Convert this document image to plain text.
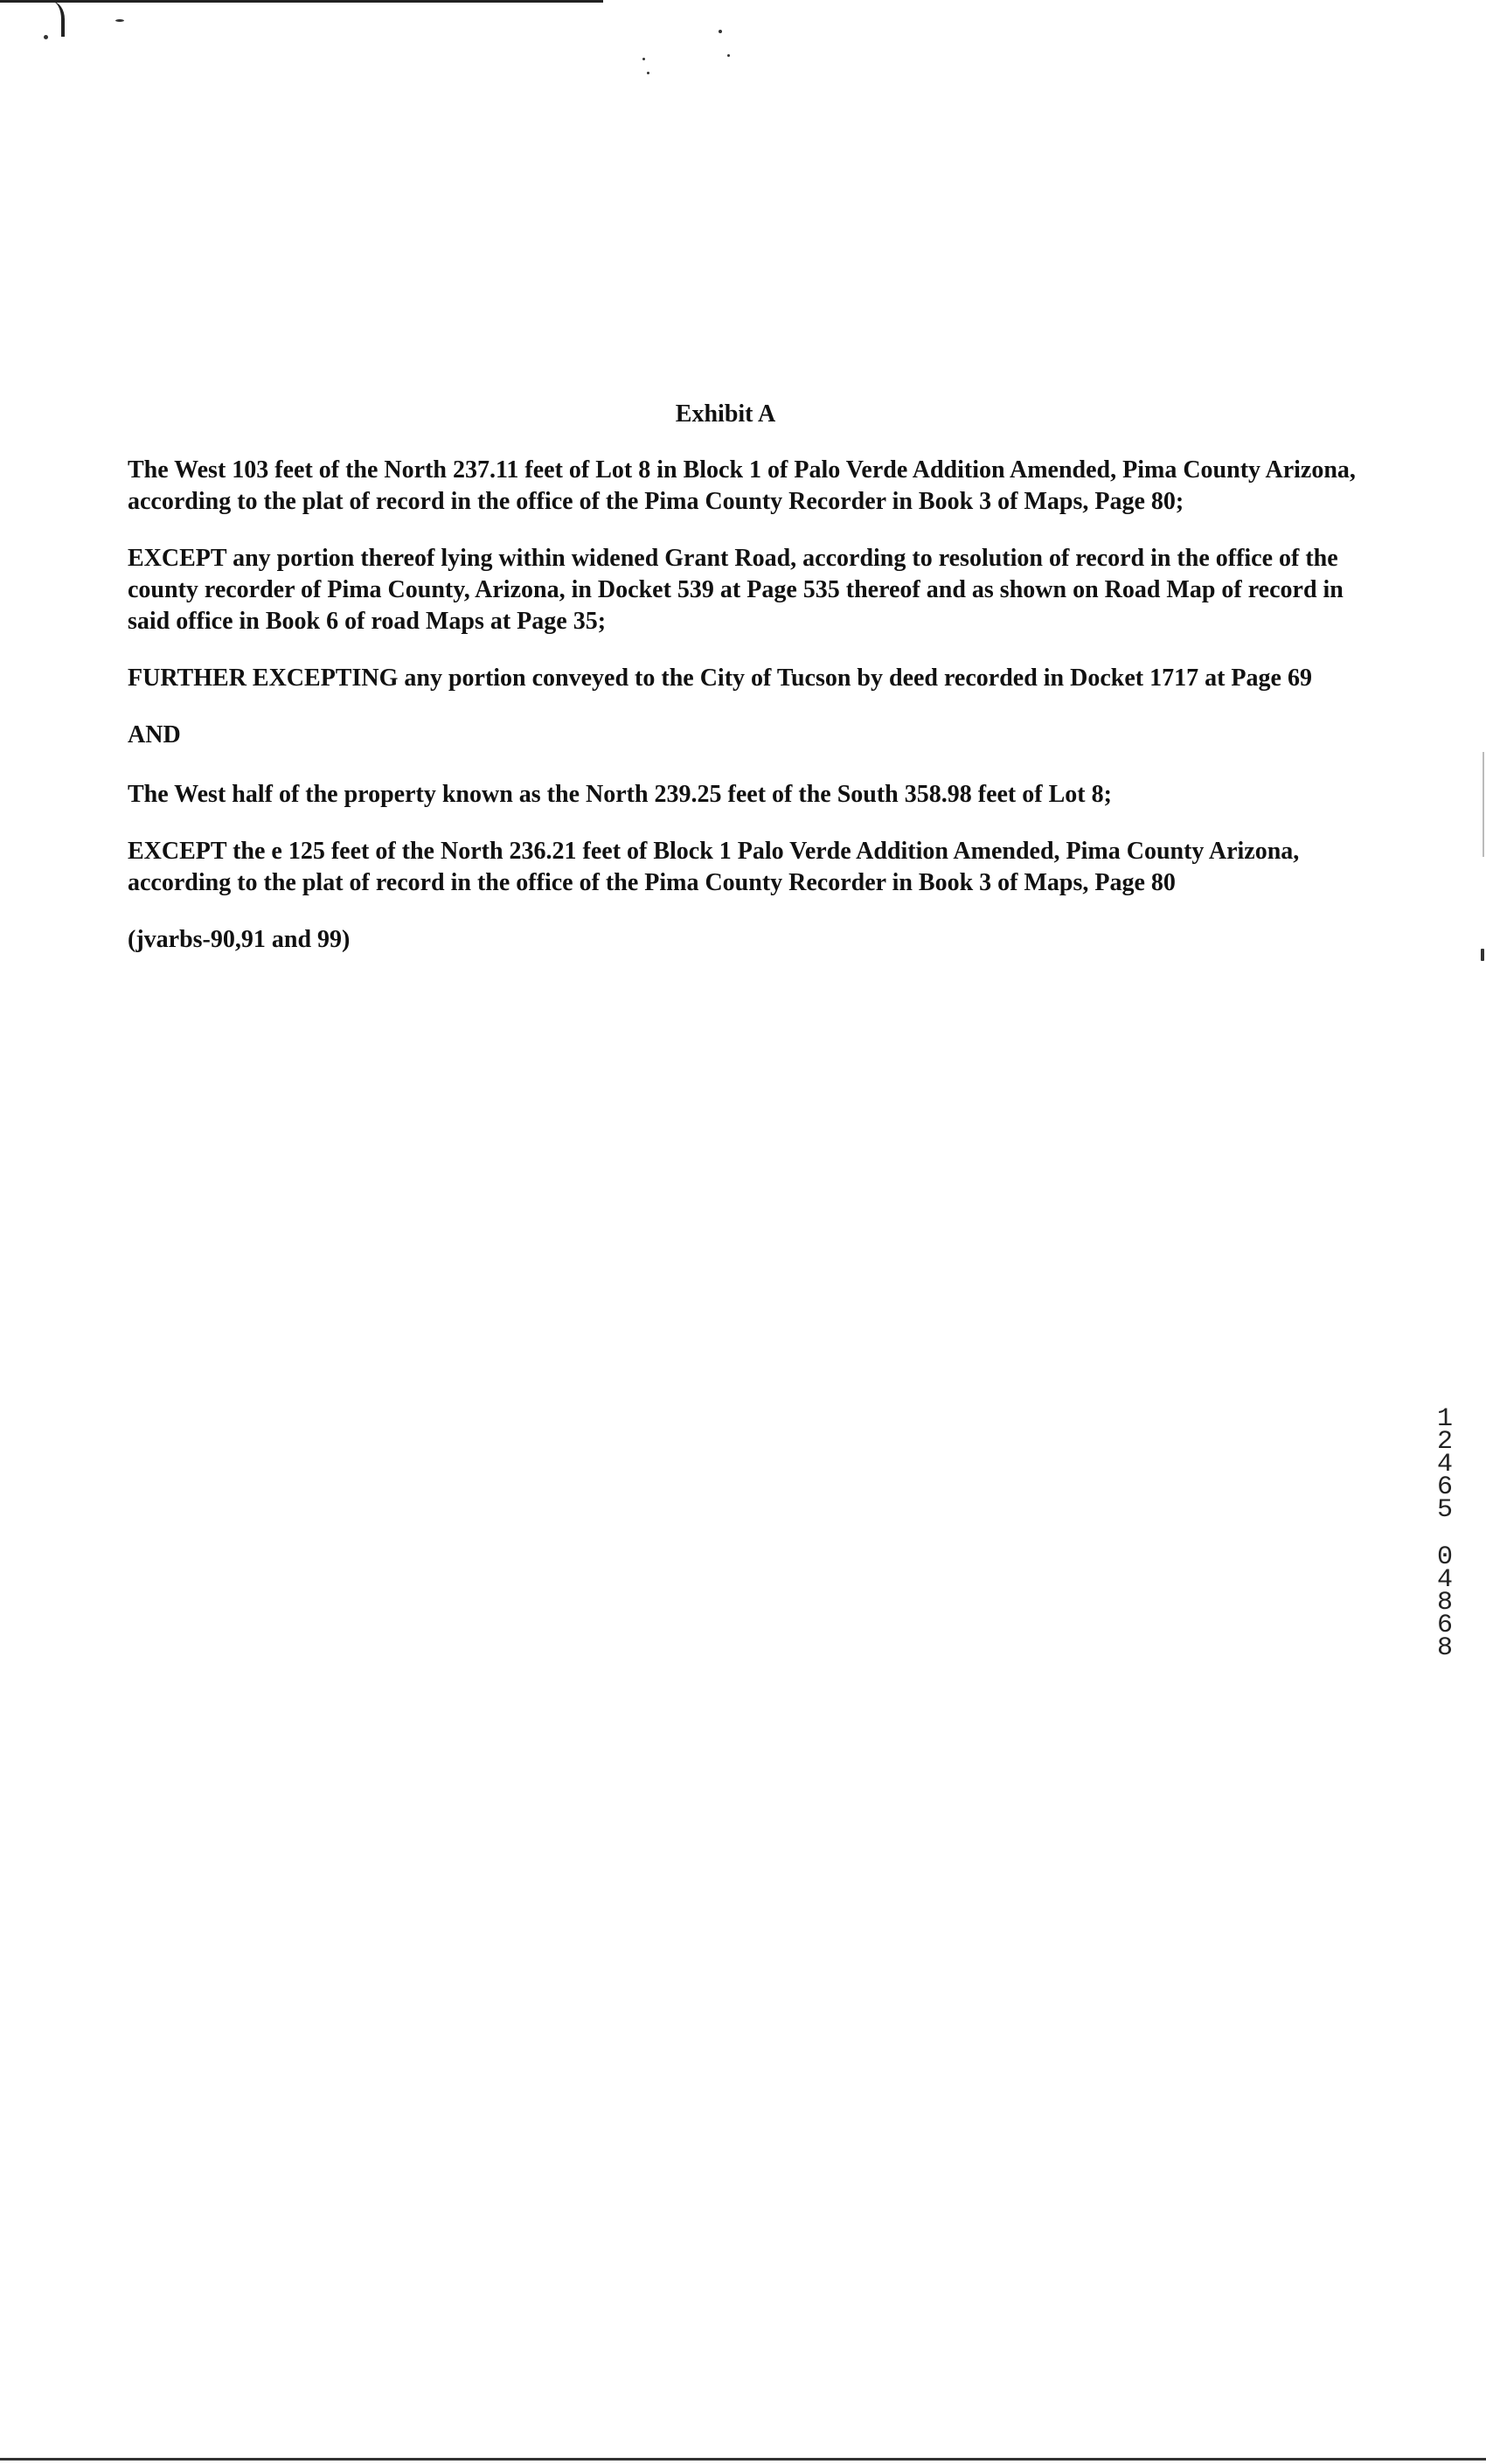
Exhibit A

The West 103 feet of the North 237.11 feet of Lot 8 in Block 1 of Palo Verde Addition Amended, Pima County Arizona, according to the plat of record in the office of the Pima County Recorder in Book 3 of Maps, Page 80;

EXCEPT any portion thereof lying within widened Grant Road, according to resolution of record in the office of the county recorder of Pima County, Arizona, in Docket 539 at Page 535 thereof and as shown on Road Map of record in said office in Book 6 of road Maps at Page 35;

FURTHER EXCEPTING any portion conveyed to the City of Tucson by deed recorded in Docket 1717 at Page 69

AND

The West half of the property known as the North 239.25 feet of the South 358.98 feet of Lot 8;

EXCEPT the e 125 feet of the North 236.21 feet of Block 1 Palo Verde Addition Amended, Pima County Arizona, according to the plat of record in the office of the Pima County Recorder in Book 3 of Maps, Page 80

(jvarbs-90,91 and 99)

12465
04868
